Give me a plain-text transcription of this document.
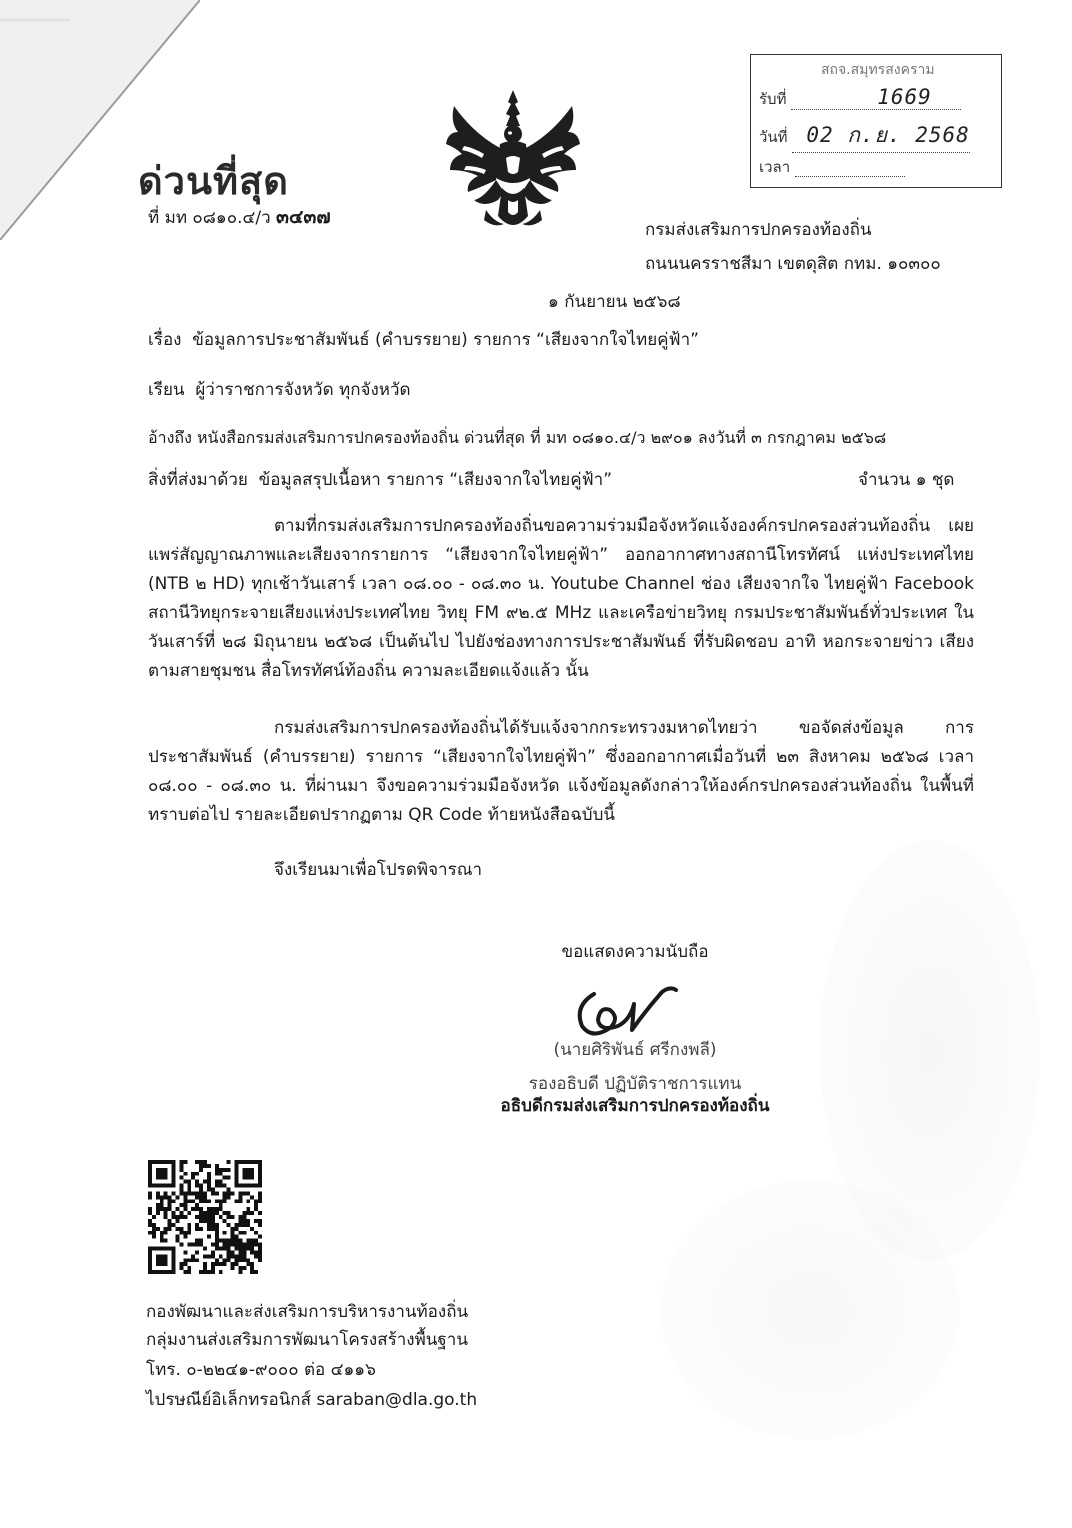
ด่วนที่สุด
ที่ มท ๐๘๑๐.๔/ว ๓๔๓๗
สถจ.สมุทรสงคราม
รับที่	1669
วันที่ 02 ก.ย. 2568
เวลา
กรมส่งเสริมการปกครองท้องถิ่น
ถนนนครราชสีมา เขตดุสิต กทม. ๑๐๓๐๐
๑ กันยายน ๒๕๖๘
เรื่อง ข้อมูลการประชาสัมพันธ์ (คำบรรยาย) รายการ “เสียงจากใจไทยคู่ฟ้า”
เรียน ผู้ว่าราชการจังหวัด ทุกจังหวัด
อ้างถึง หนังสือกรมส่งเสริมการปกครองท้องถิ่น ด่วนที่สุด ที่ มท ๐๘๑๐.๔/ว ๒๙๐๑ ลงวันที่ ๓ กรกฎาคม ๒๕๖๘
สิ่งที่ส่งมาด้วย ข้อมูลสรุปเนื้อหา รายการ “เสียงจากใจไทยคู่ฟ้า”	จำนวน ๑ ชุด
ตามที่กรมส่งเสริมการปกครองท้องถิ่นขอความร่วมมือจังหวัดแจ้งองค์กรปกครองส่วนท้องถิ่น เผยแพร่สัญญาณภาพและเสียงจากรายการ “เสียงจากใจไทยคู่ฟ้า” ออกอากาศทางสถานีโทรทัศน์ แห่งประเทศไทย (NTB ๒ HD) ทุกเช้าวันเสาร์ เวลา ๐๘.๐๐ - ๐๘.๓๐ น. Youtube Channel ช่อง เสียงจากใจ ไทยคู่ฟ้า Facebook สถานีวิทยุกระจายเสียงแห่งประเทศไทย วิทยุ FM ๙๒.๕ MHz และเครือข่ายวิทยุ กรมประชาสัมพันธ์ทั่วประเทศ ในวันเสาร์ที่ ๒๘ มิถุนายน ๒๕๖๘ เป็นต้นไป ไปยังช่องทางการประชาสัมพันธ์ ที่รับผิดชอบ อาทิ หอกระจายข่าว เสียงตามสายชุมชน สื่อโทรทัศน์ท้องถิ่น ความละเอียดแจ้งแล้ว นั้น
กรมส่งเสริมการปกครองท้องถิ่นได้รับแจ้งจากกระทรวงมหาดไทยว่า ขอจัดส่งข้อมูล การประชาสัมพันธ์ (คำบรรยาย) รายการ “เสียงจากใจไทยคู่ฟ้า” ซึ่งออกอากาศเมื่อวันที่ ๒๓ สิงหาคม ๒๕๖๘ เวลา ๐๘.๐๐ - ๐๘.๓๐ น. ที่ผ่านมา จึงขอความร่วมมือจังหวัด แจ้งข้อมูลดังกล่าวให้องค์กรปกครองส่วนท้องถิ่น ในพื้นที่ทราบต่อไป รายละเอียดปรากฏตาม QR Code ท้ายหนังสือฉบับนี้
จึงเรียนมาเพื่อโปรดพิจารณา
ขอแสดงความนับถือ
(นายศิริพันธ์ ศรีกงพลี)
รองอธิบดี ปฏิบัติราชการแทน
อธิบดีกรมส่งเสริมการปกครองท้องถิ่น
กองพัฒนาและส่งเสริมการบริหารงานท้องถิ่น
กลุ่มงานส่งเสริมการพัฒนาโครงสร้างพื้นฐาน
โทร. ๐-๒๒๔๑-๙๐๐๐ ต่อ ๔๑๑๖
ไปรษณีย์อิเล็กทรอนิกส์ saraban@dla.go.th
